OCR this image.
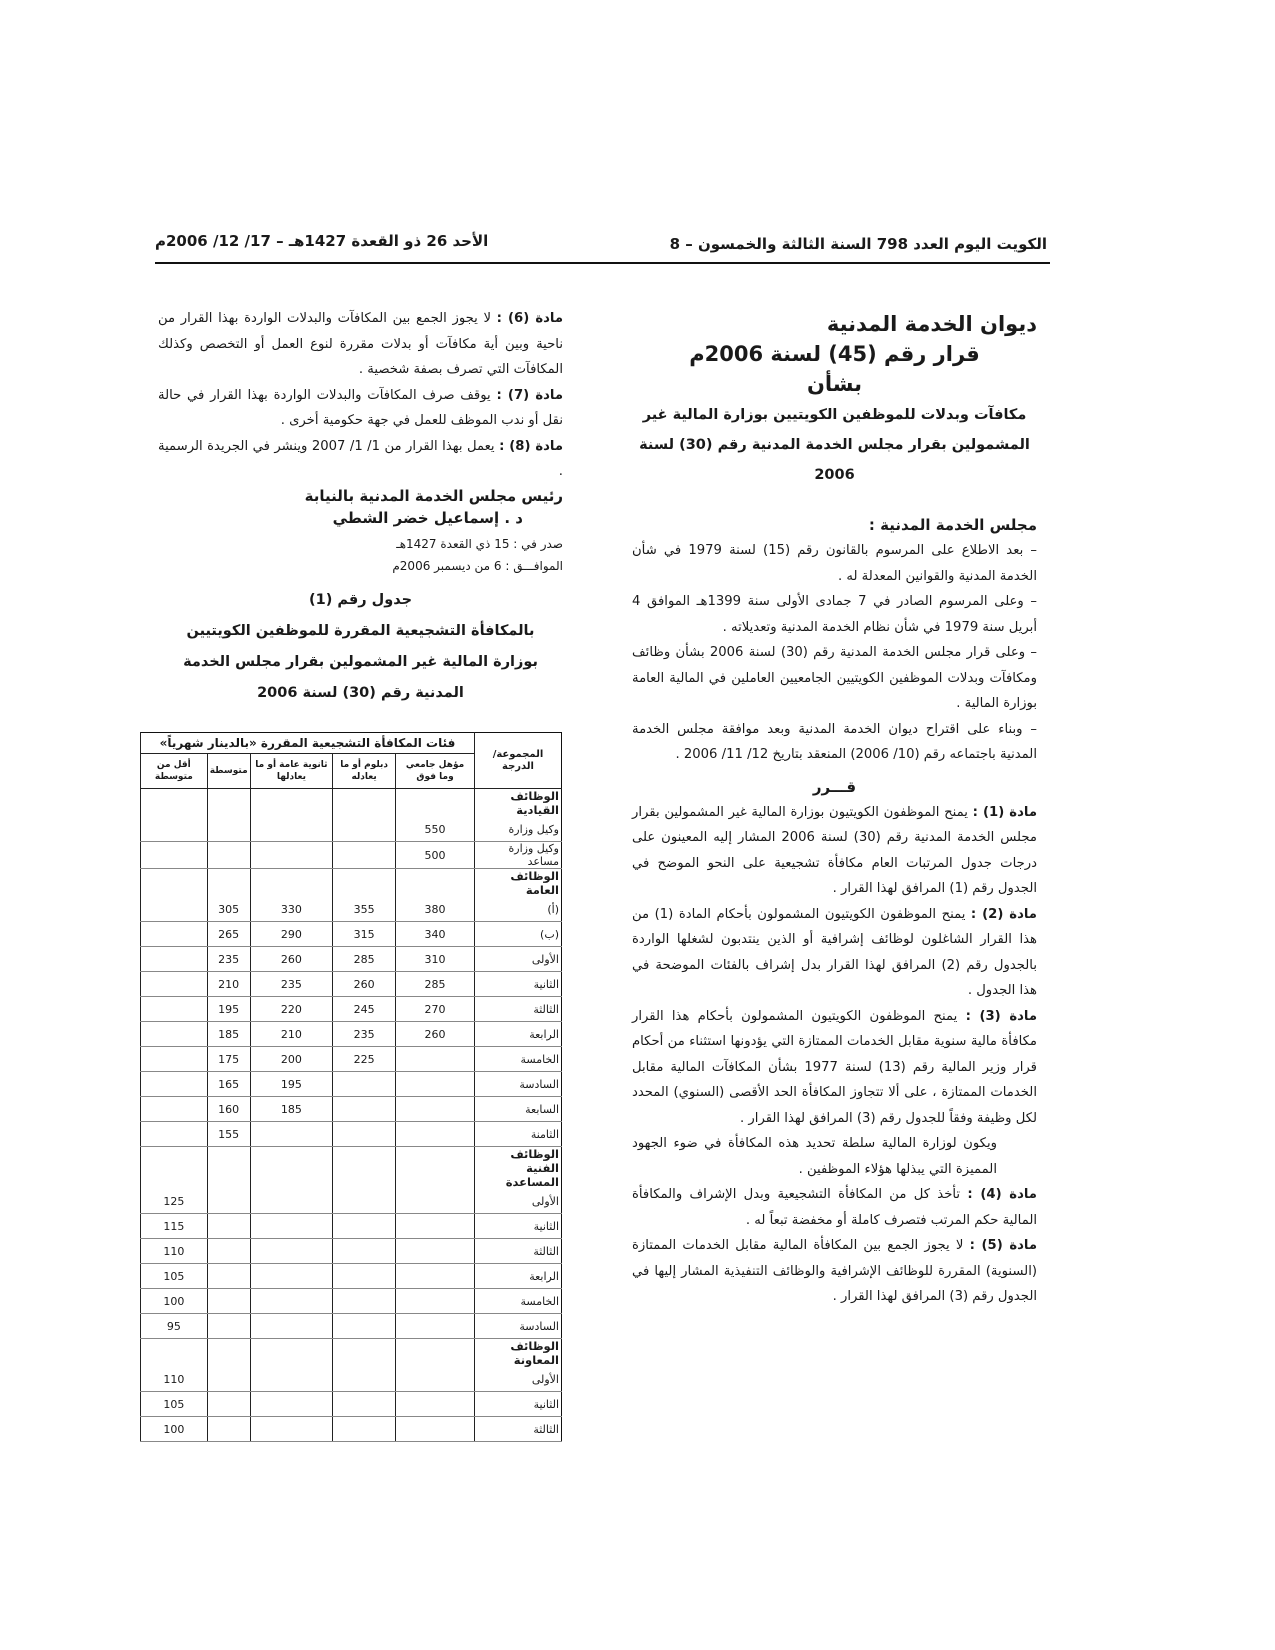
الكويت اليوم العدد 798 السنة الثالثة والخمسون – 8
الأحد 26 ذو القعدة 1427هـ – 17/ 12/ 2006م
ديوان الخدمة المدنية
قرار رقم (45) لسنة 2006م
بشأن
مكافآت وبدلات للموظفين الكويتيين بوزارة المالية غير المشمولين بقرار مجلس الخدمة المدنية رقم (30) لسنة 2006
مجلس الخدمة المدنية :
– بعد الاطلاع على المرسوم بالقانون رقم (15) لسنة 1979 في شأن الخدمة المدنية والقوانين المعدلة له .
– وعلى المرسوم الصادر في 7 جمادى الأولى سنة 1399هـ الموافق 4 أبريل سنة 1979 في شأن نظام الخدمة المدنية وتعديلاته .
– وعلى قرار مجلس الخدمة المدنية رقم (30) لسنة 2006 بشأن وظائف ومكافآت وبدلات الموظفين الكويتيين الجامعيين العاملين في المالية العامة بوزارة المالية .
– وبناء على اقتراح ديوان الخدمة المدنية وبعد موافقة مجلس الخدمة المدنية باجتماعه رقم (10/ 2006) المنعقد بتاريخ 12/ 11/ 2006 .
قـــرر
مادة (1) : يمنح الموظفون الكويتيون بوزارة المالية غير المشمولين بقرار مجلس الخدمة المدنية رقم (30) لسنة 2006 المشار إليه المعينون على درجات جدول المرتبات العام مكافأة تشجيعية على النحو الموضح في الجدول رقم (1) المرافق لهذا القرار .
مادة (2) : يمنح الموظفون الكويتيون المشمولون بأحكام المادة (1) من هذا القرار الشاغلون لوظائف إشرافية أو الذين ينتدبون لشغلها الواردة بالجدول رقم (2) المرافق لهذا القرار بدل إشراف بالفئات الموضحة في هذا الجدول .
مادة (3) : يمنح الموظفون الكويتيون المشمولون بأحكام هذا القرار مكافأة مالية سنوية مقابل الخدمات الممتازة التي يؤدونها استثناء من أحكام قرار وزير المالية رقم (13) لسنة 1977 بشأن المكافآت المالية مقابل الخدمات الممتازة ، على ألا تتجاوز المكافأة الحد الأقصى (السنوي) المحدد لكل وظيفة وفقاً للجدول رقم (3) المرافق لهذا القرار .
ويكون لوزارة المالية سلطة تحديد هذه المكافأة في ضوء الجهود المميزة التي يبذلها هؤلاء الموظفين .
مادة (4) : تأخذ كل من المكافأة التشجيعية وبدل الإشراف والمكافأة المالية حكم المرتب فتصرف كاملة أو مخفضة تبعاً له .
مادة (5) : لا يجوز الجمع بين المكافأة المالية مقابل الخدمات الممتازة (السنوية) المقررة للوظائف الإشرافية والوظائف التنفيذية المشار إليها في الجدول رقم (3) المرافق لهذا القرار .
مادة (6) : لا يجوز الجمع بين المكافآت والبدلات الواردة بهذا القرار من ناحية وبين أية مكافآت أو بدلات مقررة لنوع العمل أو التخصص وكذلك المكافآت التي تصرف بصفة شخصية .
مادة (7) : يوقف صرف المكافآت والبدلات الواردة بهذا القرار في حالة نقل أو ندب الموظف للعمل في جهة حكومية أخرى .
مادة (8) : يعمل بهذا القرار من 1/ 1/ 2007 وينشر في الجريدة الرسمية .
رئيس مجلس الخدمة المدنية بالنيابة
د . إسماعيل خضر الشطي
صدر في : 15 ذي القعدة 1427هـ
الموافـــق : 6 من ديسمبر 2006م
جدول رقم (1)
بالمكافأة التشجيعية المقررة للموظفين الكويتيين
بوزارة المالية غير المشمولين بقرار مجلس الخدمة
المدنية رقم (30) لسنة 2006
المجموعة/ الدرجة	فئات المكافأة التشجيعية المقررة «بالدينار شهرياً»				
	مؤهل جامعي وما فوق	دبلوم أو ما يعادله	ثانوية عامة أو ما يعادلها	متوسطة	أقل من متوسطة
الوظائف القيادية					
وكيل وزارة	550				
وكيل وزارة مساعد	500				
الوظائف العامة					
(أ)	380	355	330	305	
(ب)	340	315	290	265	
الأولى	310	285	260	235	
الثانية	285	260	235	210	
الثالثة	270	245	220	195	
الرابعة	260	235	210	185	
الخامسة		225	200	175	
السادسة			195	165	
السابعة			185	160	
الثامنة				155	
الوظائف الفنية المساعدة					
الأولى					125
الثانية					115
الثالثة					110
الرابعة					105
الخامسة					100
السادسة					95
الوظائف المعاونة					
الأولى					110
الثانية					105
الثالثة					100
